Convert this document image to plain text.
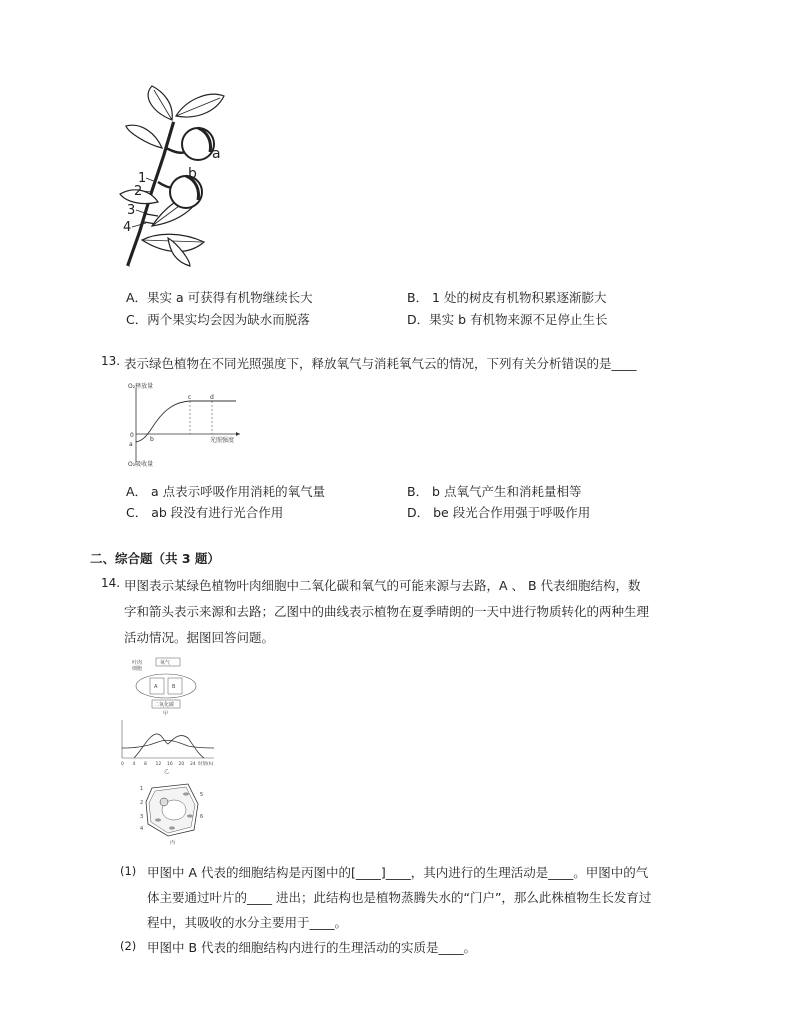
a
b
1
2
3
4
A．果实 a 可获得有机物继续长大	B． 1 处的树皮有机物积累逐渐膨大
C．两个果实均会因为缺水而脱落	D．果实 b 有机物来源不足停止生长
13. 表示绿色植物在不同光照强度下，释放氧气与消耗氧气云的情况，下列有关分析错误的是____
O₂释放量
O₂吸收量
光照强度
0
a
b
c	d
A． a 点表示呼吸作用消耗的氧气量	B． b 点氧气产生和消耗量相等
C． ab 段没有进行光合作用	D． be 段光合作用强于呼吸作用
二、综合题（共 3 题）
14. 甲图表示某绿色植物叶肉细胞中二氧化碳和氧气的可能来源与去路，A 、 B 代表细胞结构，数
字和箭头表示来源和去路；乙图中的曲线表示植物在夏季晴朗的一天中进行物质转化的两种生理
活动情况。据图回答问题。
叶肉
细胞
氧气
A	B
二氧化碳
甲
0 4 8 12 16 20 24 时刻(h)
乙
1
2
3
4
5
6
丙
(1) 甲图中 A 代表的细胞结构是丙图中的[____]____，其内进行的生理活动是____。甲图中的气
体主要通过叶片的____ 进出；此结构也是植物蒸腾失水的“门户”，那么此株植物生长发育过
程中，其吸收的水分主要用于____。
(2) 甲图中 B 代表的细胞结构内进行的生理活动的实质是____。
